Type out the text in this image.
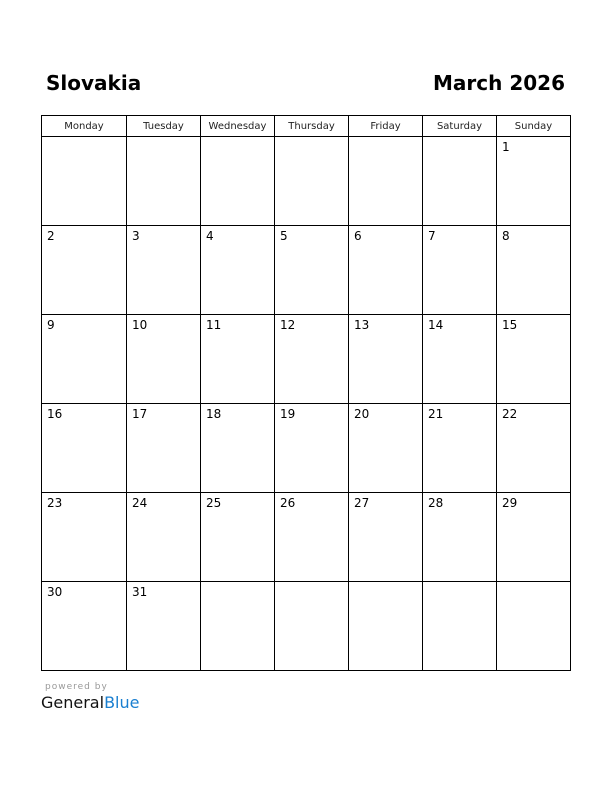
Slovakia	March 2026
Monday	Tuesday	Wednesday	Thursday	Friday	Saturday	Sunday

						1

2	3	4	5	6	7	8

9	10	11	12	13	14	15

16	17	18	19	20	21	22

23	24	25	26	27	28	29

30	31					

powered by
GeneralBlue
